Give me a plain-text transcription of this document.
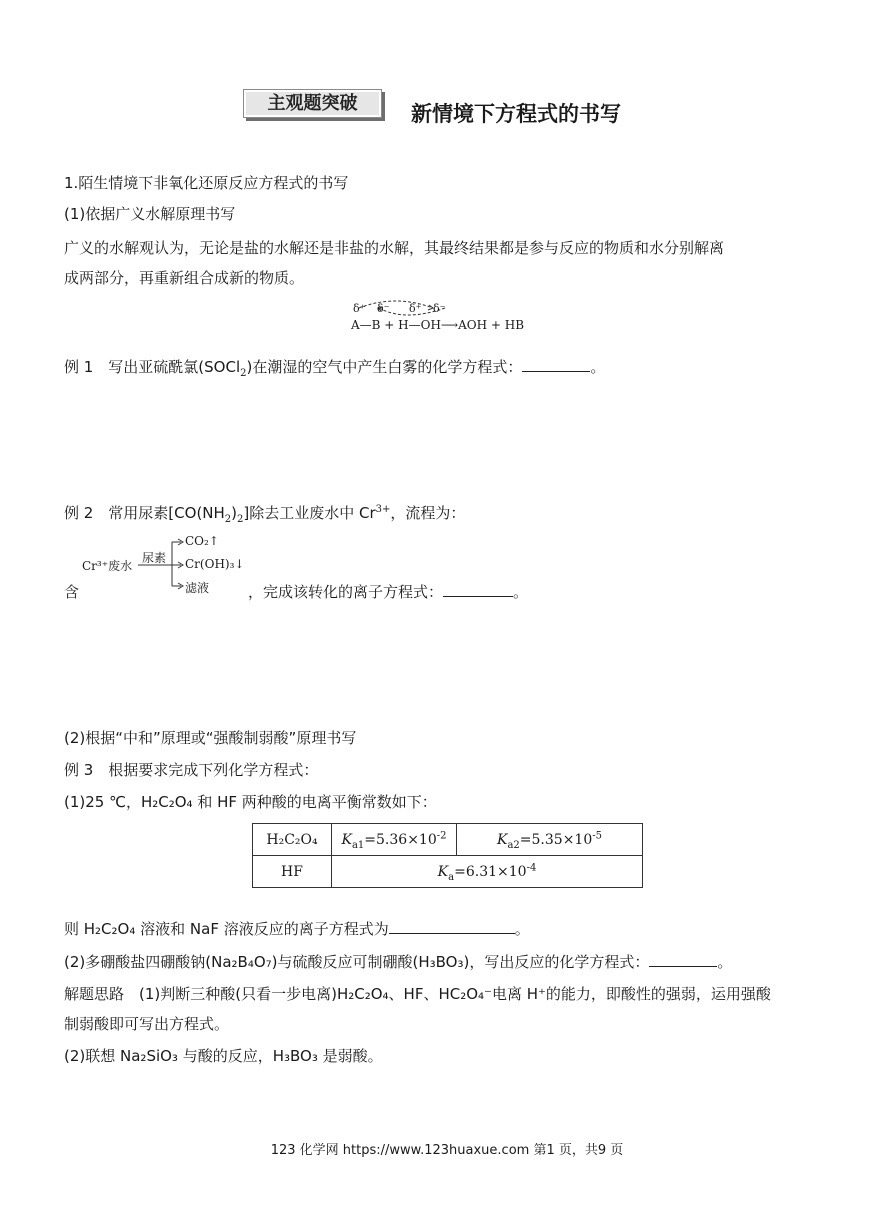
主观题突破	新情境下方程式的书写
1.陌生情境下非氧化还原反应方程式的书写
(1)依据广义水解原理书写
广义的水解观认为，无论是盐的水解还是非盐的水解，其最终结果都是参与反应的物质和水分别解离
成两部分，再重新组合成新的物质。
δ⁺ δ⁻ δ⁺ δ⁻
A—B + H—OH⟶AOH + HB
例 1　写出亚硫酰氯(SOCl$_2$)在潮湿的空气中产生白雾的化学方程式：	。
例 2　常用尿素$[CO(NH_2)_2]$除去工业废水中 $Cr^{3+}$，流程为：
Cr³⁺废水
尿素
CO₂↑
Cr(OH)₃↓
滤液
含	，完成该转化的离子方程式：	。
(2)根据“中和”原理或“强酸制弱酸”原理书写
例 3　根据要求完成下列化学方程式：
(1)25 ℃，H₂C₂O₄ 和 HF 两种酸的电离平衡常数如下：
H₂C₂O₄	$K_{a1}=5.36\times 10^{-2}$	$K_{a2}=5.35\times 10^{-5}$
HF	$K_a=6.31\times 10^{-4}$
则 H₂C₂O₄ 溶液和 NaF 溶液反应的离子方程式为	。
(2)多硼酸盐四硼酸钠(Na₂B₄O₇)与硫酸反应可制硼酸(H₃BO₃)，写出反应的化学方程式：	。
解题思路　(1)判断三种酸(只看一步电离)H₂C₂O₄、HF、HC₂O₄⁻电离 H⁺的能力，即酸性的强弱，运用强酸
制弱酸即可写出方程式。
(2)联想 Na₂SiO₃ 与酸的反应，H₃BO₃ 是弱酸。
123 化学网 https://www.123huaxue.com 第1 页，共9 页
